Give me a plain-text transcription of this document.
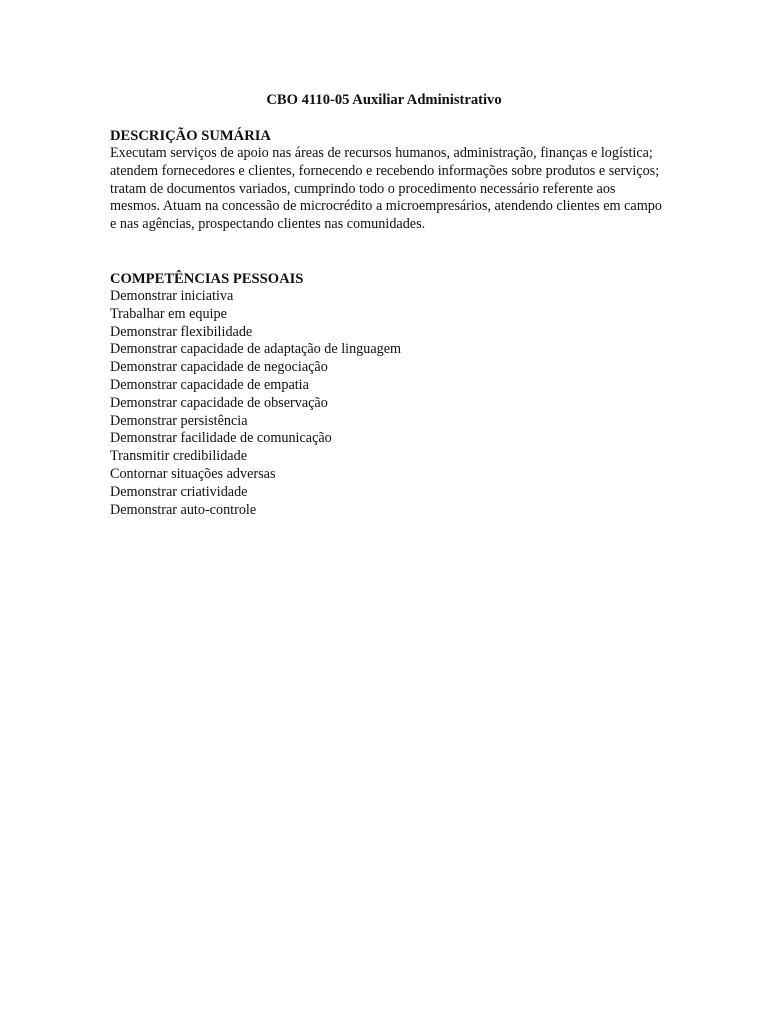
CBO 4110-05 Auxiliar Administrativo
DESCRIÇÃO SUMÁRIA

Executam serviços de apoio nas áreas de recursos humanos, administração, finanças e logística; atendem fornecedores e clientes, fornecendo e recebendo informações sobre produtos e serviços; tratam de documentos variados, cumprindo todo o procedimento necessário referente aos mesmos. Atuam na concessão de microcrédito a microempresários, atendendo clientes em campo e nas agências, prospectando clientes nas comunidades.

COMPETÊNCIAS PESSOAIS
Demonstrar iniciativa
Trabalhar em equipe
Demonstrar flexibilidade
Demonstrar capacidade de adaptação de linguagem
Demonstrar capacidade de negociação
Demonstrar capacidade de empatia
Demonstrar capacidade de observação
Demonstrar persistência
Demonstrar facilidade de comunicação
Transmitir credibilidade
Contornar situações adversas
Demonstrar criatividade
Demonstrar auto-controle
